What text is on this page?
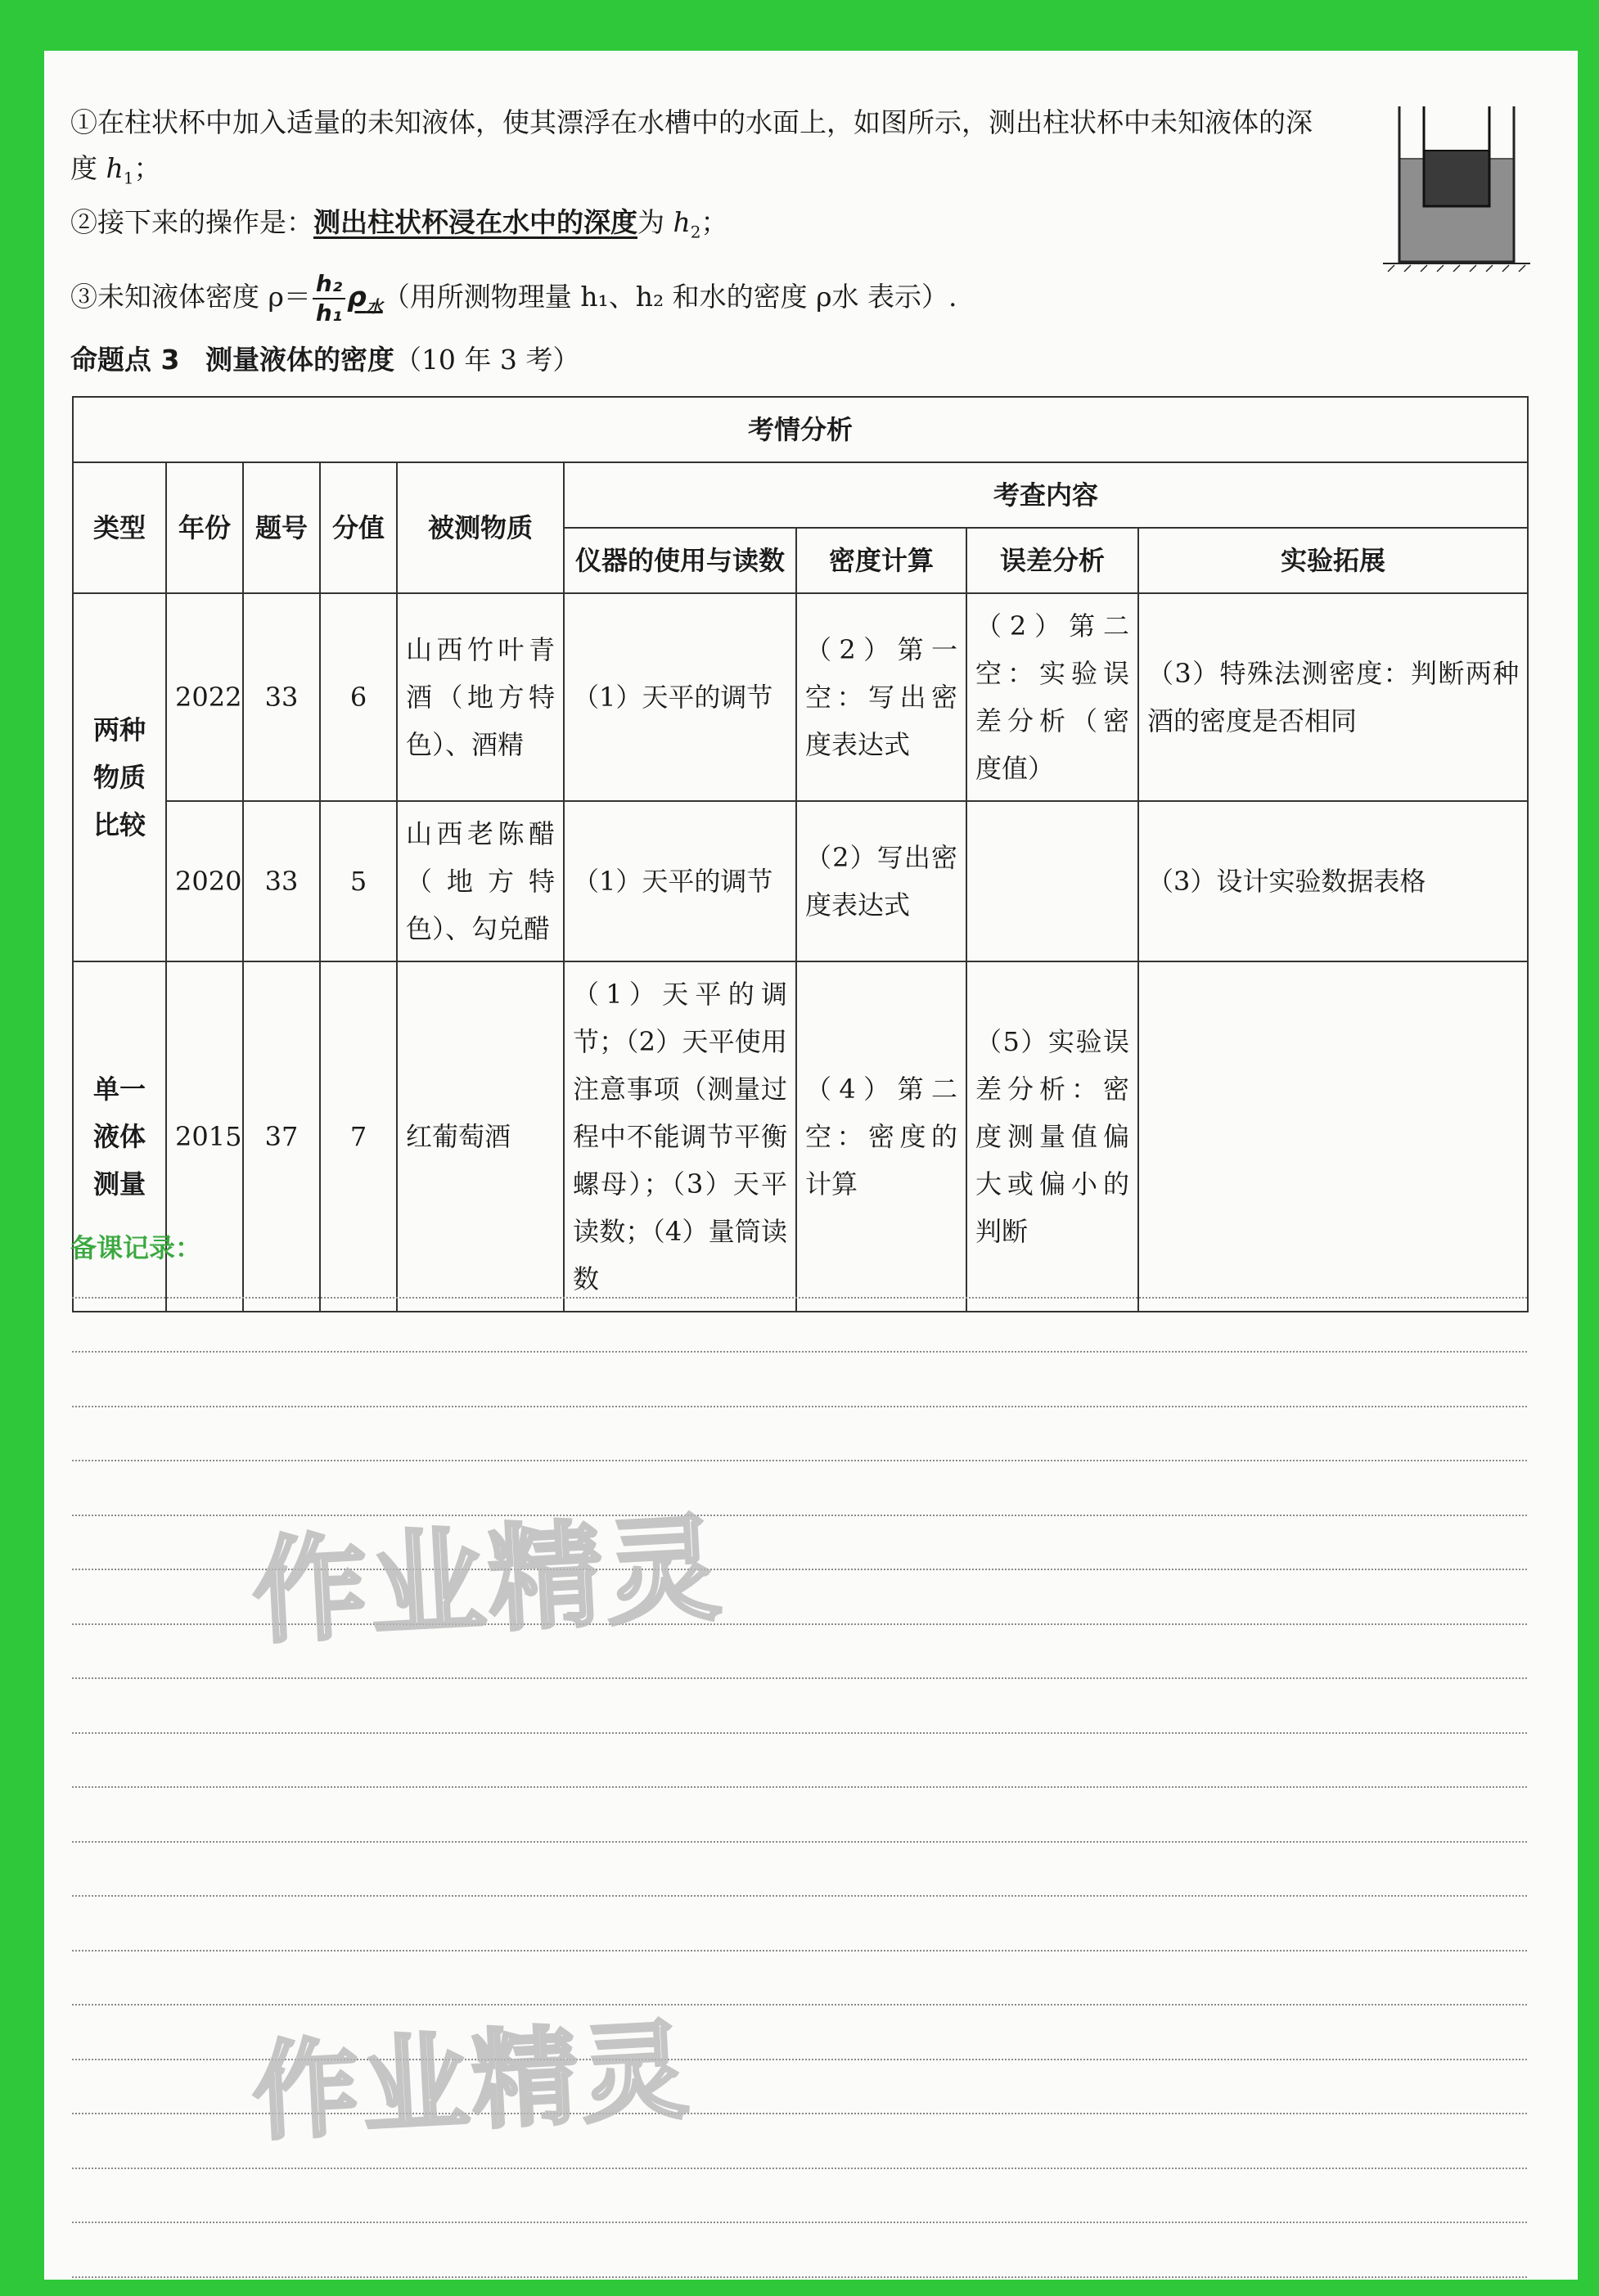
①在柱状杯中加入适量的未知液体，使其漂浮在水槽中的水面上，如图所示，测出柱状杯中未知液体的深
度 $h_1$；
②接下来的操作是：测出柱状杯浸在水中的深度为 $h_2$；
③未知液体密度 $\rho= \frac{\text{h₂}}{\text{h₁}} \rho_水$（用所测物理量 h₁、h₂ 和水的密度 ρ水 表示）.
命题点 3 测量液体的密度（10 年 3 考）
考情分析								
类型	年份	题号	分值	被测物质	考查内容			
					仪器的使用与读数	密度计算	误差分析	实验拓展
两种物质比较	2022	33	6	山西竹叶青酒（地方特色）、酒精	（1）天平的调节	（2）第一空：写出密度表达式	（2）第二空：实验误差分析（密度值）	（3）特殊法测密度：判断两种酒的密度是否相同
	2020	33	5	山西老陈醋（地方特色）、勾兑醋	（1）天平的调节	（2）写出密度表达式		（3）设计实验数据表格
单一液体测量	2015	37	7	红葡萄酒	（1）天平的调节；（2）天平使用注意事项（测量过程中不能调节平衡螺母）；（3）天平读数；（4）量筒读数	（4）第二空：密度的计算	（5）实验误差分析：密度测量值偏大或偏小的判断	
备课记录：
作业精灵
作业精灵
